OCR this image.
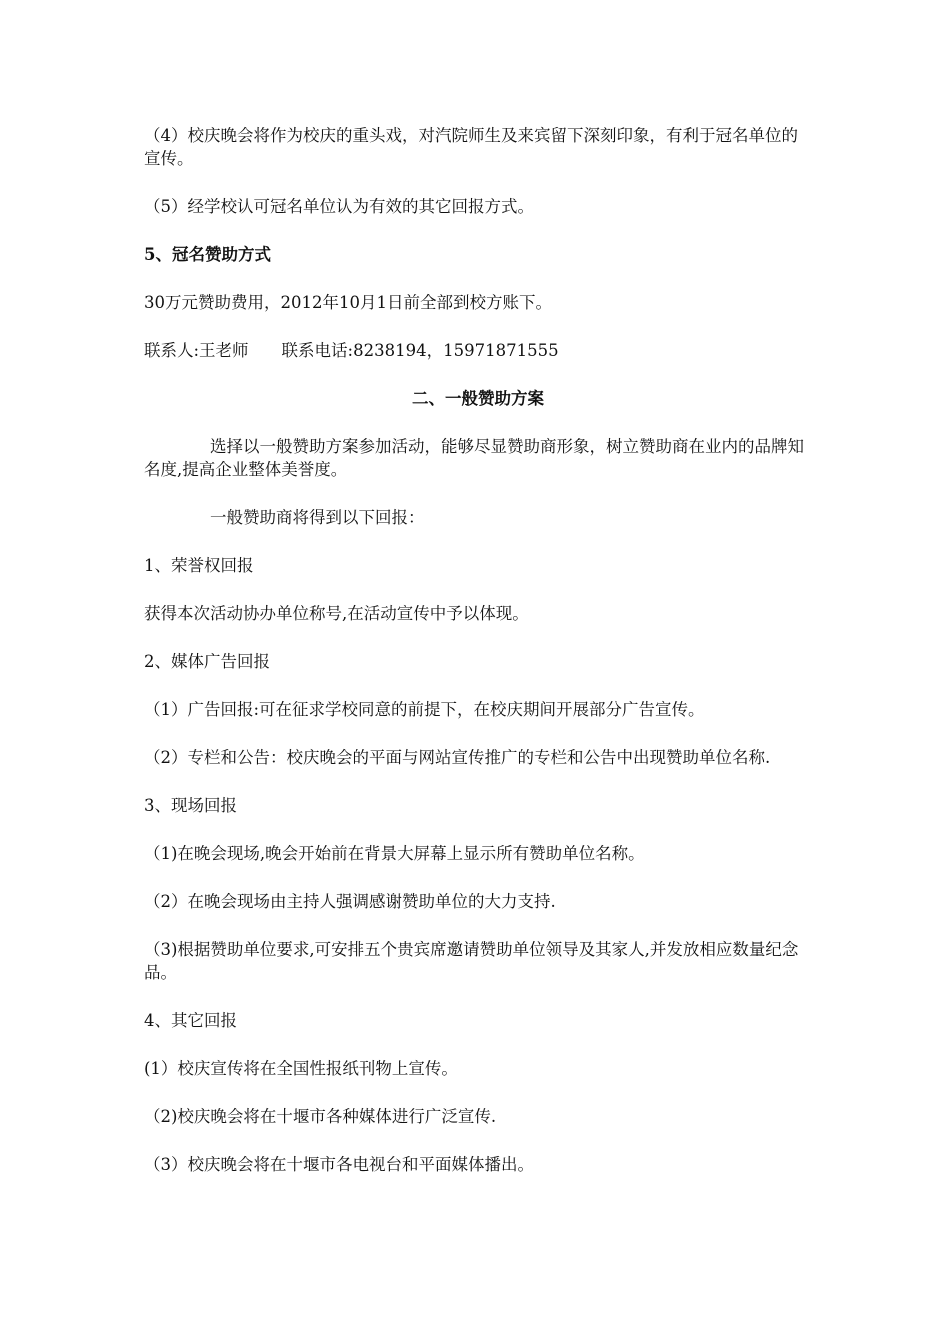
（4）校庆晚会将作为校庆的重头戏，对汽院师生及来宾留下深刻印象，有利于冠名单位的宣传。

（5）经学校认可冠名单位认为有效的其它回报方式。

5、冠名赞助方式

30万元赞助费用，2012年10月1日前全部到校方账下。

联系人:王老师　　联系电话:8238194，15971871555

二、一般赞助方案

选择以一般赞助方案参加活动，能够尽显赞助商形象，树立赞助商在业内的品牌知名度,提高企业整体美誉度。

一般赞助商将得到以下回报：

1、荣誉权回报

获得本次活动协办单位称号,在活动宣传中予以体现。

2、媒体广告回报

（1）广告回报:可在征求学校同意的前提下，在校庆期间开展部分广告宣传。

（2）专栏和公告：校庆晚会的平面与网站宣传推广的专栏和公告中出现赞助单位名称.

3、现场回报

（1)在晚会现场,晚会开始前在背景大屏幕上显示所有赞助单位名称。

（2）在晚会现场由主持人强调感谢赞助单位的大力支持.

（3)根据赞助单位要求,可安排五个贵宾席邀请赞助单位领导及其家人,并发放相应数量纪念品。

4、其它回报

(1）校庆宣传将在全国性报纸刊物上宣传。

（2)校庆晚会将在十堰市各种媒体进行广泛宣传.

（3）校庆晚会将在十堰市各电视台和平面媒体播出。
